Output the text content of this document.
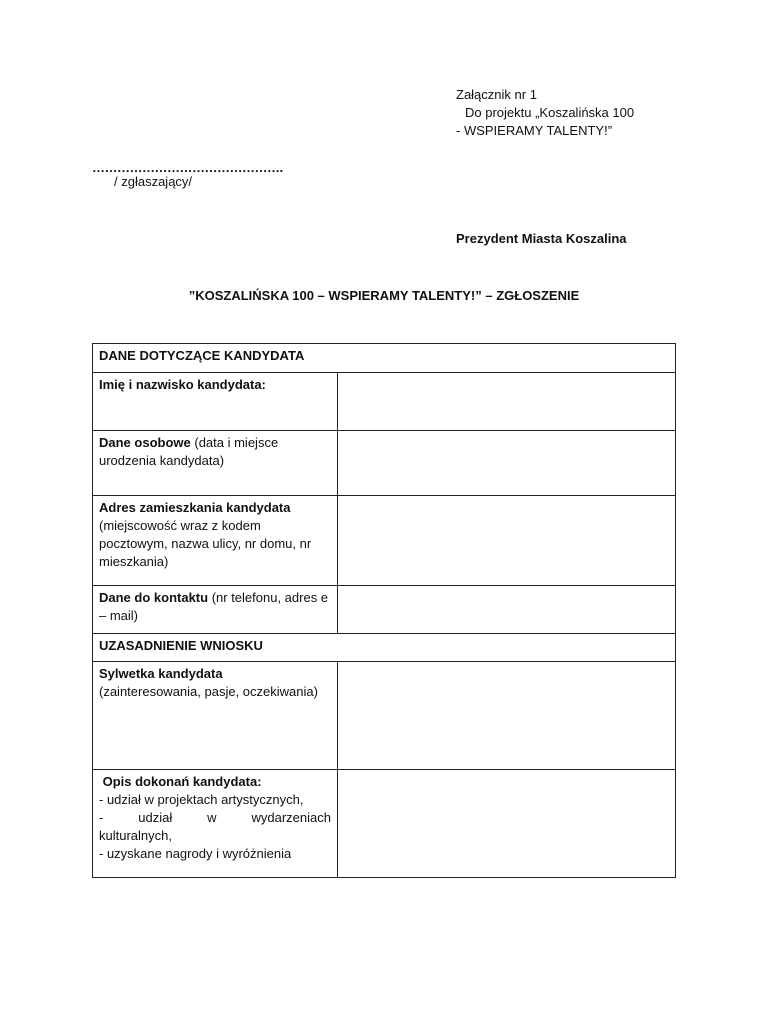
Załącznik nr 1
Do projektu „Koszalińska 100
- WSPIERAMY TALENTY!”
……………………………………….
/ zgłaszający/
Prezydent Miasta Koszalina
”KOSZALIŃSKA 100 – WSPIERAMY TALENTY!” – ZGŁOSZENIE
DANE DOTYCZĄCE KANDYDATA	
Imię i nazwisko kandydata:	
Dane osobowe (data i miejsce urodzenia kandydata)	

Adres zamieszkania kandydata
(miejscowość wraz z kodem pocztowym, nazwa ulicy, nr domu, nr mieszkania)	
Dane do kontaktu (nr telefonu, adres e – mail)	
UZASADNIENIE WNIOSKU	

Sylwetka kandydata
(zainteresowania, pasje, oczekiwania)	

Opis dokonań kandydata:
- udział w projektach artystycznych,
- udział w wydarzeniach kulturalnych,
- uzyskane nagrody i wyróżnienia	
